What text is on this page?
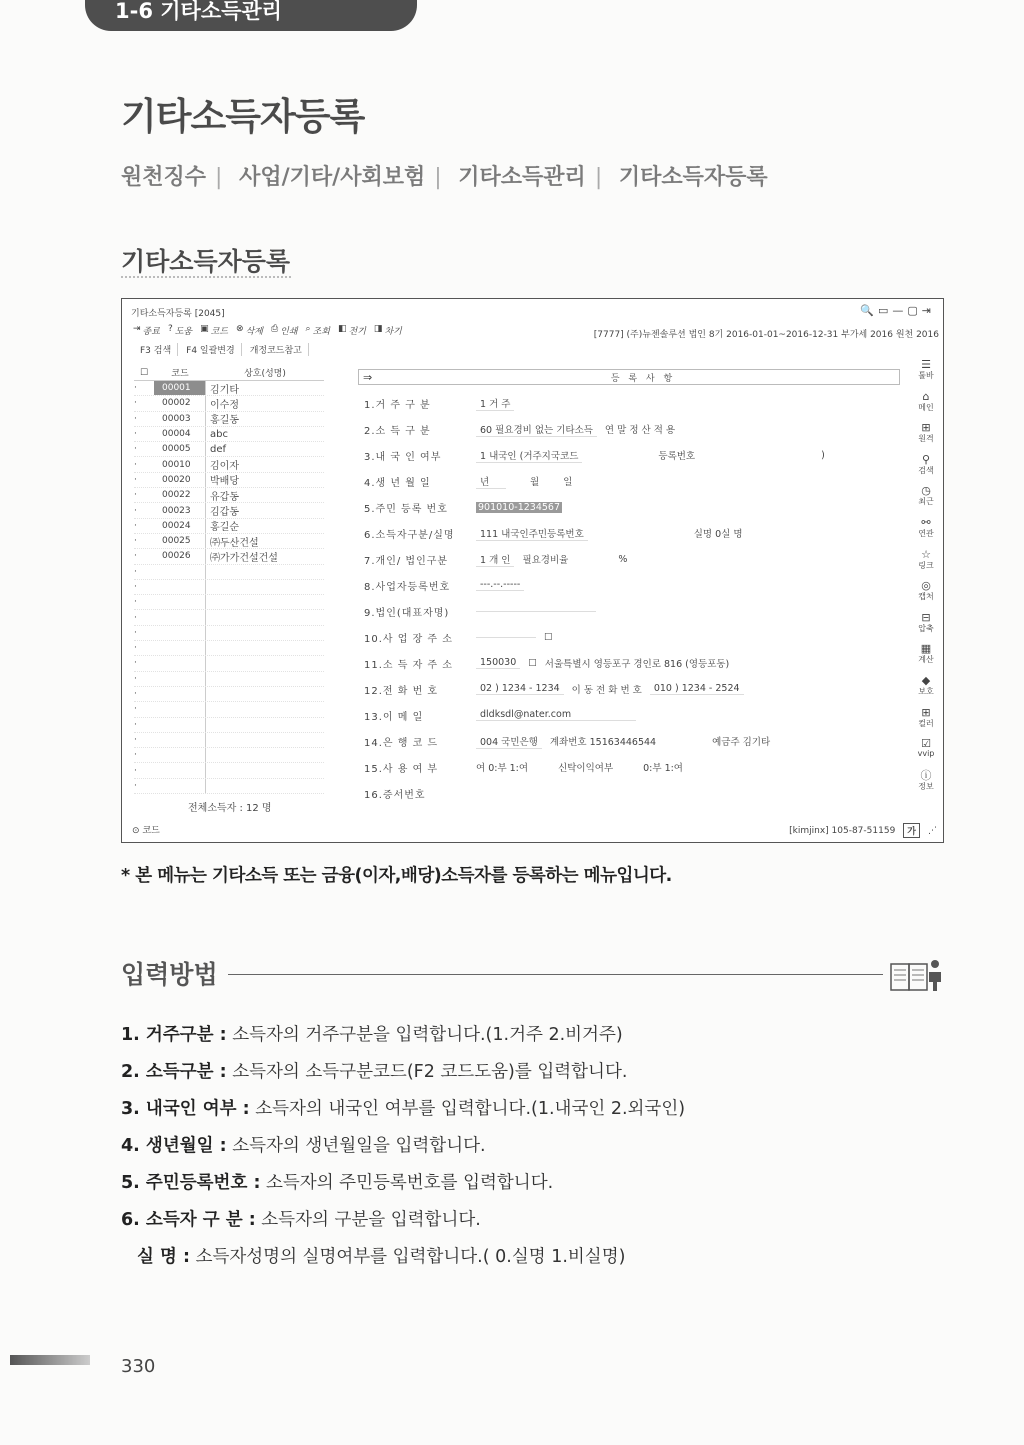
1-6 기타소득관리
기타소득자등록
원천징수 | 사업/기타/사회보험 | 기타소득관리 | 기타소득자등록
기타소득자등록
기타소득자등록 [2045]	🔍▭—▢⇥
⇥ 종료 ? 도움 ▣ 코드 ⊗ 삭제 ⎙ 인쇄 ⌕ 조회 ◧ 전기 ◨ 차기	[7777] (주)뉴젠솔루션 법인 8기 2016-01-01~2016-12-31 부가세 2016 원천 2016
F3 검색	F4 일괄변경	개정코드참고
☐	코드	상호(성명)
·	00001	김기타
·	00002	이수정
·	00003	홍길동
·	00004	abc
·	00005	def
·	00010	김이자
·	00020	박배당
·	00022	유갑동
·	00023	김갑동
·	00024	홍길순
·	00025	㈜두산건설
·	00026	㈜가가건설건설
·
·
·
·
·
·
·
·
·
·
·
·
·
·
·
전체소득자 : 12 명
⇒	등 록 사 항
1.거 주 구 분	1 거 주
2.소 득 구 분	60 필요경비 없는 기타소득	연 말 정 산 적 용
3.내 국 인 여부	1 내국인 (거주지국코드	등록번호	)
4.생 년 월 일	년	월	일
5.주민 등록 번호	901010-1234567
6.소득자구분/실명	111 내국인주민등록번호	실명 0실 명
7.개인/ 법인구분	1 개 인	필요경비율	%
8.사업자등록번호	---.--.-----
9.법인(대표자명)
10.사 업 장 주 소	☐
11.소 득 자 주 소	150030	☐ 서울특별시 영등포구 경인로 816 (영등포동)
12.전 화 번 호	02 ) 1234 - 1234	이 동 전 화 번 호	010 ) 1234 - 2524
13.이 메 일	dldksdl@nater.com
14.은 행 코 드	004 국민은행	계좌번호 15163446544	예금주 김기타
15.사 용 여 부	여 0:부 1:여	신탁이익여부	0:부 1:여
16.증서번호
☰
툴바
⌂
메인
⊞
원격
⚲
검색
◷
최근
⚯
연관
☆
링크
◎
캡처
⊟
압축
▦
계산
◆
보호
⊞
컬러
☑
vvip
ⓘ
정보
⊙ 코드	[kimjinx] 105-87-51159	가	⋰
* 본 메뉴는 기타소득 또는 금융(이자,배당)소득자를 등록하는 메뉴입니다.
입력방법
1. 거주구분 : 소득자의 거주구분을 입력합니다.(1.거주 2.비거주)
2. 소득구분 : 소득자의 소득구분코드(F2 코드도움)를 입력합니다.
3. 내국인 여부 : 소득자의 내국인 여부를 입력합니다.(1.내국인 2.외국인)
4. 생년월일 : 소득자의 생년월일을 입력합니다.
5. 주민등록번호 : 소득자의 주민등록번호를 입력합니다.
6. 소득자 구 분 : 소득자의 구분을 입력합니다.
실 명 : 소득자성명의 실명여부를 입력합니다.( 0.실명 1.비실명)
330
